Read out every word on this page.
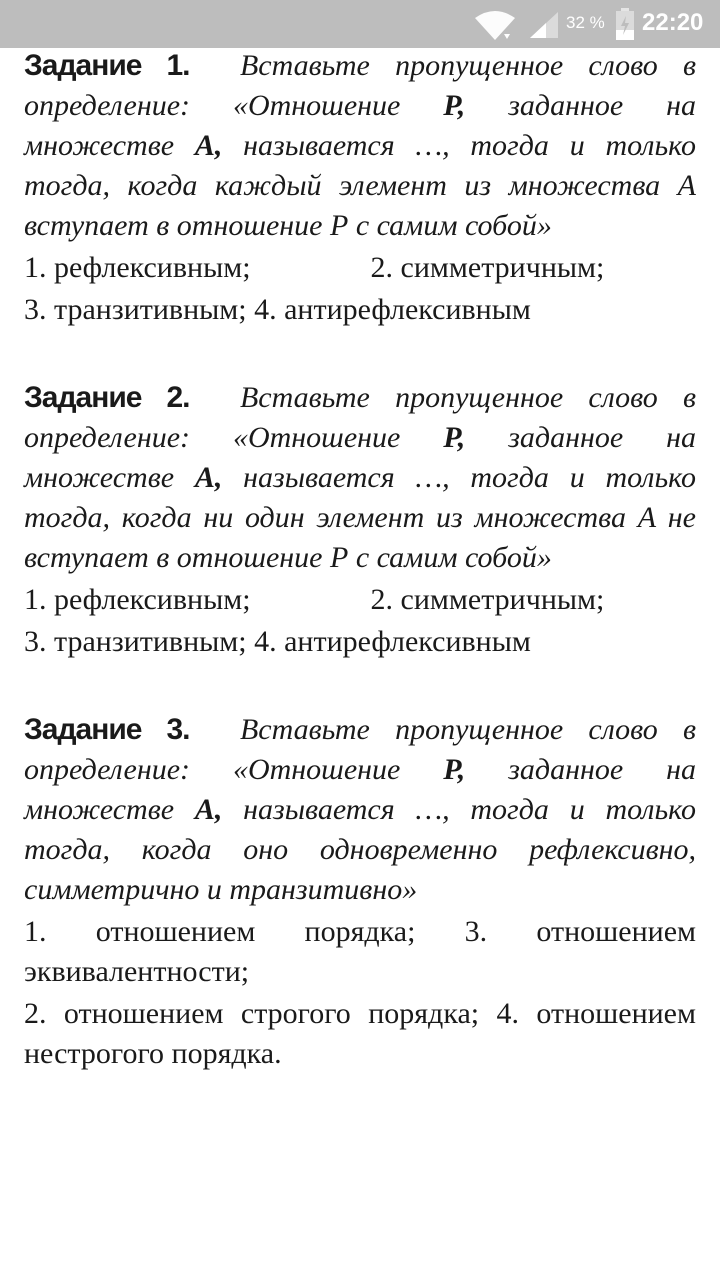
32 % 22:20
Задание 1. Вставьте пропущенное слово в определение: «Отношение P, заданное на множестве A, называется …, тогда и только тогда, когда каждый элемент из множества А вступает в отношение Р с самим собой»

1. рефлексивным;                2. симметричным;

3. транзитивным; 4. антирефлексивным

Задание 2. Вставьте пропущенное слово в определение: «Отношение P, заданное на множестве A, называется …, тогда и только тогда, когда ни один элемент из множества А не вступает в отношение Р с самим собой»

1. рефлексивным;                2. симметричным;

3. транзитивным; 4. антирефлексивным

Задание 3. Вставьте пропущенное слово в определение: «Отношение P, заданное на множестве A, называется …, тогда и только тогда, когда оно одновременно рефлексивно, симметрично и транзитивно»

1. отношением порядка; 3. отношением эквивалентности;

2. отношением строгого порядка; 4. отношением нестрогого порядка.
